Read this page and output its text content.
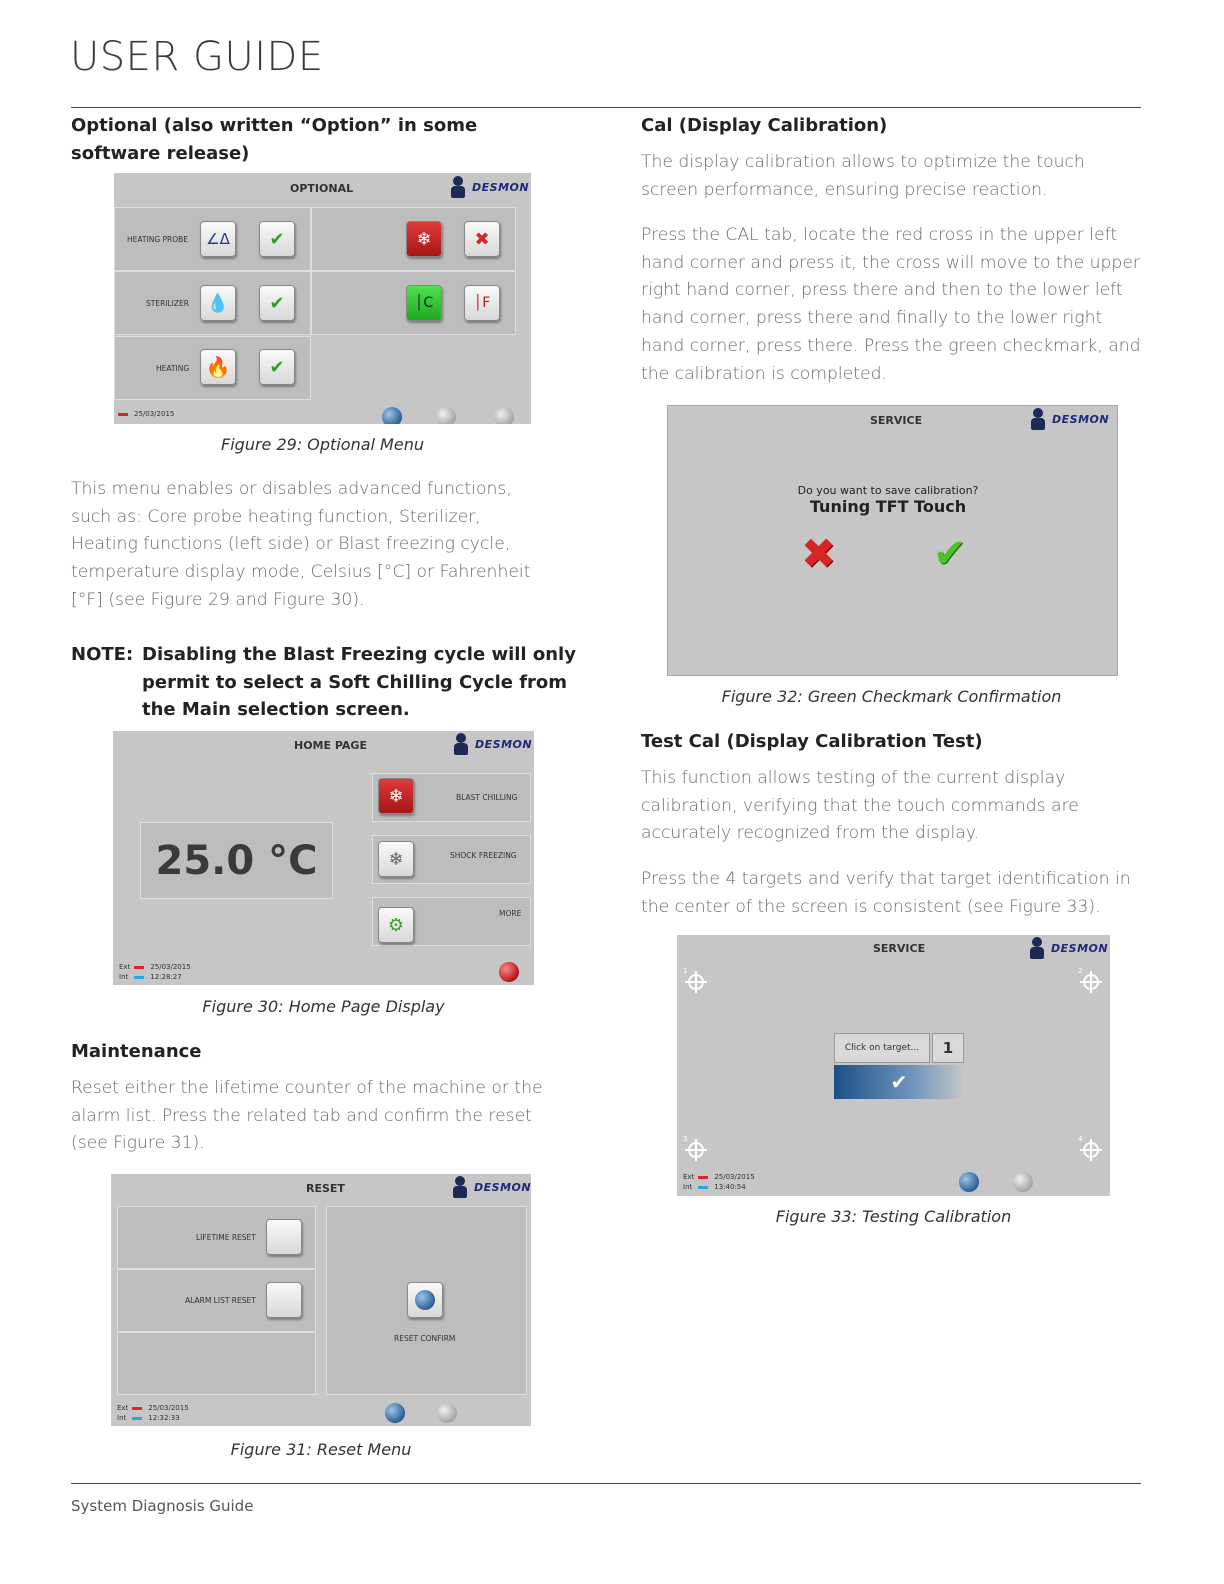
USER GUIDE

Optional (also written “Option” in some software release)

OPTIONAL	DESMON
HEATING PROBE
STERILIZER
HEATING
∠Δ ✔
💧 ✔
🔥 ✔
❄ ✖
│C	│F
25/03/2015
Figure 29: Optional Menu

This menu enables or disables advanced functions, such as: Core probe heating function, Sterilizer, Heating functions (left side) or Blast freezing cycle, temperature display mode, Celsius [°C] or Fahrenheit [°F] (see Figure 29 and Figure 30).

NOTE: Disabling the Blast Freezing cycle will only permit to select a Soft Chilling Cycle from the Main selection screen.
HOME PAGE	DESMON
25.0 °C
❄
❄
⚙
BLAST CHILLING
SHOCK FREEZING
MORE
Ext	25/03/2015
Int	12:28:27
Figure 30: Home Page Display

Maintenance

Reset either the lifetime counter of the machine or the alarm list. Press the related tab and confirm the reset (see Figure 31).

RESET	DESMON
LIFETIME RESET
ALARM LIST RESET
RESET CONFIRM
Ext	25/03/2015
Int	12:32:33
Figure 31: Reset Menu

Cal (Display Calibration)

The display calibration allows to optimize the touch screen performance, ensuring precise reaction.

Press the CAL tab, locate the red cross in the upper left hand corner and press it, the cross will move to the upper right hand corner, press there and then to the lower left hand corner, press there and finally to the lower right hand corner, press there. Press the green checkmark, and the calibration is completed.

SERVICE	DESMON
Do you want to save calibration?
Tuning TFT Touch
✖ ✔
Figure 32: Green Checkmark Confirmation

Test Cal (Display Calibration Test)

This function allows testing of the current display calibration, verifying that the touch commands are accurately recognized from the display.

Press the 4 targets and verify that target identification in the center of the screen is consistent (see Figure 33).

SERVICE	DESMON
1	2
3	4
Click on target...	1
✔
Ext	25/03/2015
Int	13:40:54
Figure 33: Testing Calibration
System Diagnosis Guide
